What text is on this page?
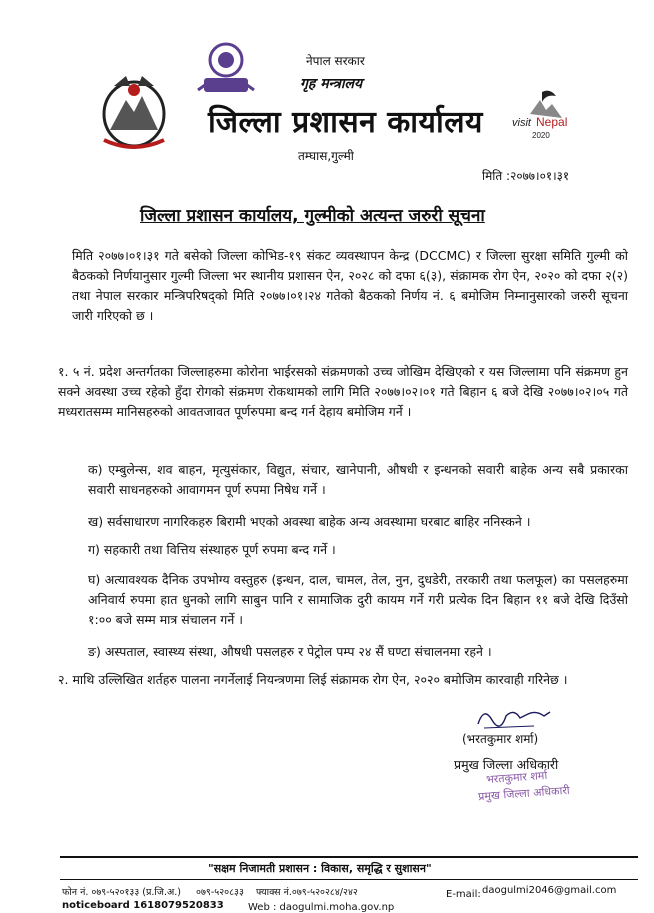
visit Nepal
2020
नेपाल सरकार
गृह मन्त्रालय
जिल्ला प्रशासन कार्यालय
तम्घास,गुल्मी
मिति :२०७७।०१।३१
जिल्ला प्रशासन कार्यालय, गुल्मीको अत्यन्त जरुरी सूचना
मिति २०७७।०१।३१ गते बसेको जिल्ला कोभिड-१९ संकट व्यवस्थापन केन्द्र (DCCMC) र जिल्ला सुरक्षा समिति गुल्मी को बैठकको निर्णयानुसार गुल्मी जिल्ला भर स्थानीय प्रशासन ऐन, २०२८ को दफा ६(३), संक्रामक रोग ऐन, २०२० को दफा २(२) तथा नेपाल सरकार मन्त्रिपरिषद्को मिति २०७७।०१।२४ गतेको बैठकको निर्णय नं. ६ बमोजिम निम्नानुसारको जरुरी सूचना जारी गरिएको छ ।
१. ५ नं. प्रदेश अन्तर्गतका जिल्लाहरुमा कोरोना भाईरसको संक्रमणको उच्च जोखिम देखिएको र यस जिल्लामा पनि संक्रमण हुन सक्ने अवस्था उच्च रहेको हुँदा रोगको संक्रमण रोकथामको लागि मिति २०७७।०२।०१ गते बिहान ६ बजे देखि २०७७।०२।०५ गते मध्यरातसम्म मानिसहरुको आवतजावत पूर्णरुपमा बन्द गर्न देहाय बमोजिम गर्ने ।
क) एम्बुलेन्स, शव बाहन, मृत्युसंकार, विद्युत, संचार, खानेपानी, औषधी र इन्धनको सवारी बाहेक अन्य सबै प्रकारका सवारी साधनहरुको आवागमन पूर्ण रुपमा निषेध गर्ने ।
ख) सर्वसाधारण नागरिकहरु बिरामी भएको अवस्था बाहेक अन्य अवस्थामा घरबाट बाहिर ननिस्कने ।
ग) सहकारी तथा वित्तिय संस्थाहरु पूर्ण रुपमा बन्द गर्ने ।
घ) अत्यावश्यक दैनिक उपभोग्य वस्तुहरु (इन्धन, दाल, चामल, तेल, नुन, दुधडेरी, तरकारी तथा फलफूल) का पसलहरुमा अनिवार्य रुपमा हात धुनको लागि साबुन पानि र सामाजिक दुरी कायम गर्ने गरी प्रत्येक दिन बिहान ११ बजे देखि दिउँसो १:०० बजे सम्म मात्र संचालन गर्ने ।
ङ) अस्पताल, स्वास्थ्य संस्था, औषधी पसलहरु र पेट्रोल पम्प २४ सैं घण्टा संचालनमा रहने ।
२. माथि उल्लिखित शर्तहरु पालना नगर्नेलाई नियन्त्रणमा लिई संक्रामक रोग ऐन, २०२० बमोजिम कारवाही गरिनेछ ।
(भरतकुमार शर्मा)
प्रमुख जिल्ला अधिकारी
भरतकुमार शर्मा
प्रमुख जिल्ला अधिकारी
"सक्षम निजामती प्रशासन : विकास, समृद्धि र सुशासन"
फोन नं. ०७९-५२०१३३ (प्र.जि.अ.) ०७९-५२०८३३ फ्याक्स नं.०७९-५२०२८४/२४२	E-mail: daogulmi2046@gmail.com
noticeboard 1618079520833 Web : daogulmi.moha.gov.np
